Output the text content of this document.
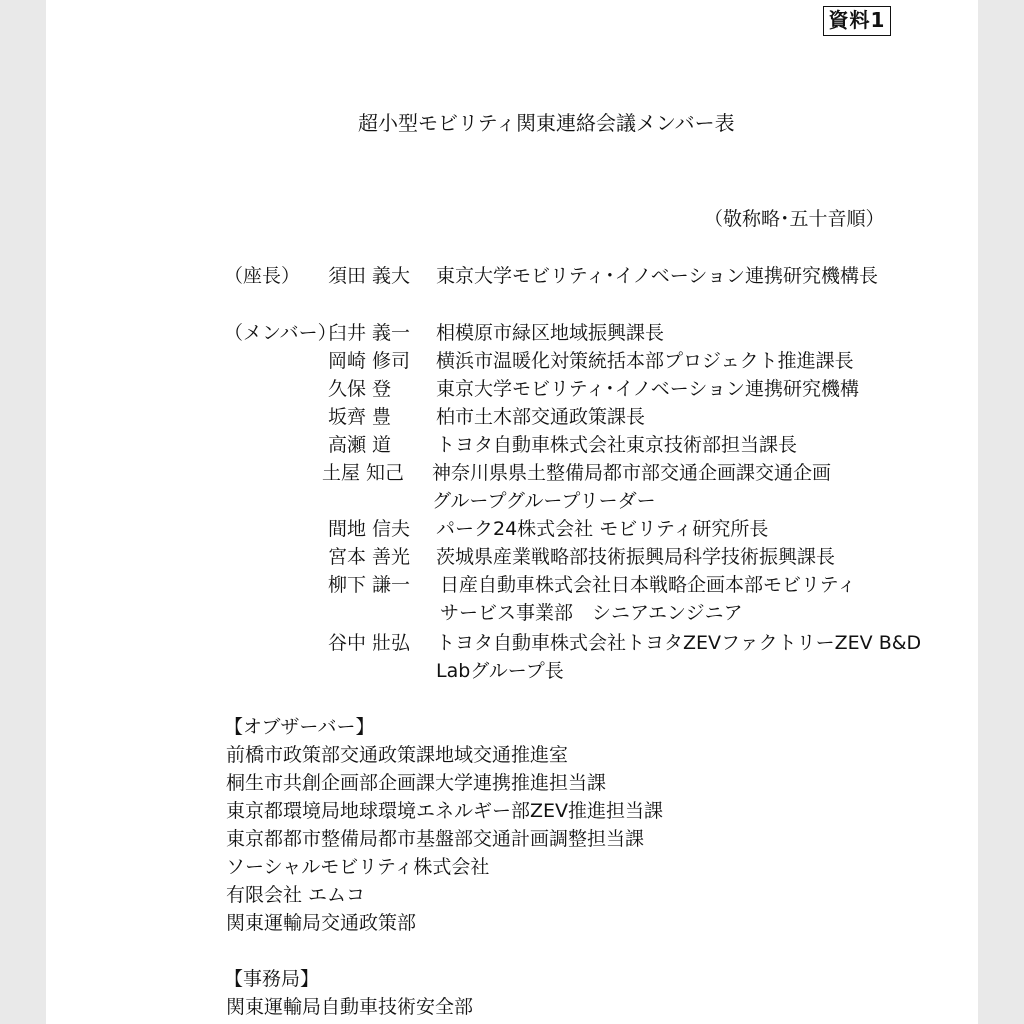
資料1
超小型モビリティ関東連絡会議メンバー表
（敬称略･五十音順）
（座長） 須田 義大 東京大学モビリティ･イノベーション連携研究機構長
（メンバー）
臼井 義一 相模原市緑区地域振興課長
岡崎 修司 横浜市温暖化対策統括本部プロジェクト推進課長
久保 登 東京大学モビリティ･イノベーション連携研究機構
坂齊 豊 柏市土木部交通政策課長
高瀬 道 トヨタ自動車株式会社東京技術部担当課長
土屋 知己 神奈川県県土整備局都市部交通企画課交通企画
グループグループリーダー
間地 信夫 パーク24株式会社 モビリティ研究所長
宮本 善光 茨城県産業戦略部技術振興局科学技術振興課長
柳下 謙一 日産自動車株式会社日本戦略企画本部モビリティ
サービス事業部　シニアエンジニア
谷中 壯弘 トヨタ自動車株式会社トヨタZEVファクトリーZEV B&D
Labグループ長
【オブザーバー】
前橋市政策部交通政策課地域交通推進室
桐生市共創企画部企画課大学連携推進担当課
東京都環境局地球環境エネルギー部ZEV推進担当課
東京都都市整備局都市基盤部交通計画調整担当課
ソーシャルモビリティ株式会社
有限会社 エムコ
関東運輸局交通政策部
【事務局】
関東運輸局自動車技術安全部
